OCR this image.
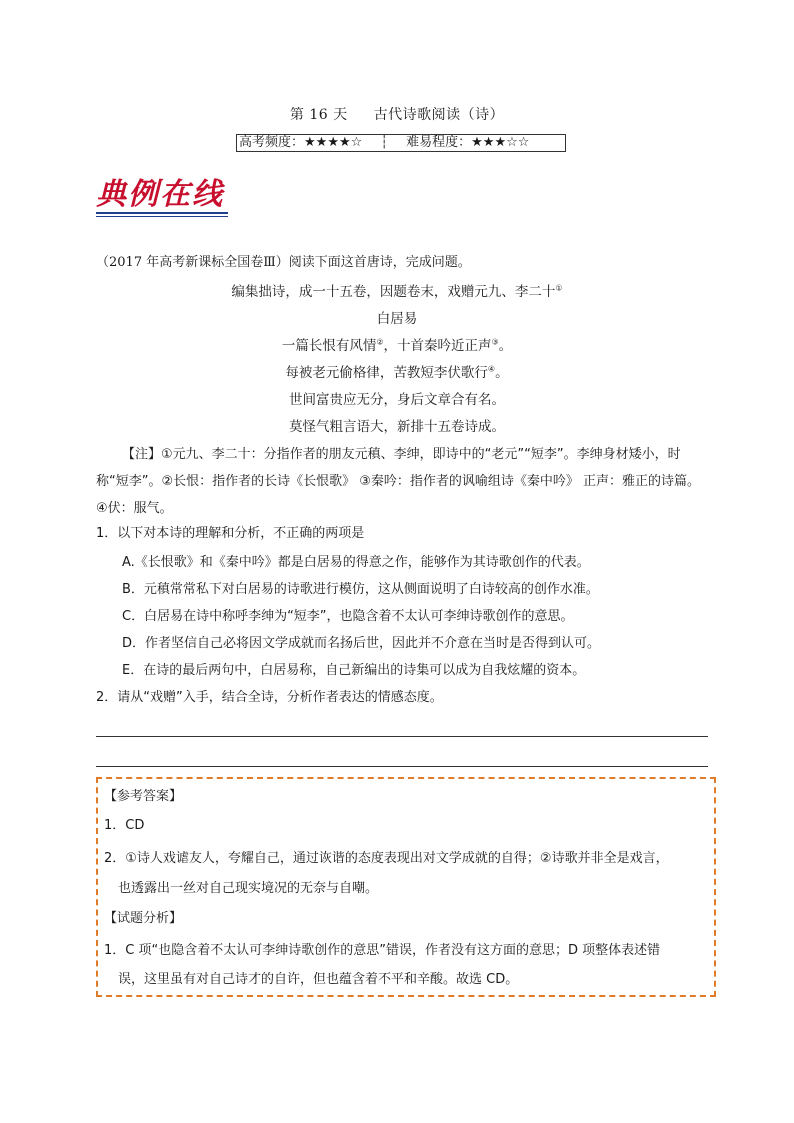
第 16 天 古代诗歌阅读（诗）
高考频度： ★★★★☆ ┆ 难易程度： ★★★☆☆
典例在线
（2017 年高考新课标全国卷Ⅲ）阅读下面这首唐诗，完成问题。
编集拙诗，成一十五卷，因题卷末，戏赠元九、李二十①
白居易
一篇长恨有风情②，十首秦吟近正声③。
每被老元偷格律，苦教短李伏歌行④。
世间富贵应无分，身后文章合有名。
莫怪气粗言语大，新排十五卷诗成。
【注】①元九、李二十：分指作者的朋友元稹、李绅，即诗中的“老元”“短李”。李绅身材矮小，时称“短李”。②长恨：指作者的长诗《长恨歌》 ③秦吟：指作者的讽喻组诗《秦中吟》 正声：雅正的诗篇。④伏：服气。
1．以下对本诗的理解和分析，不正确的两项是
A.《长恨歌》和《秦中吟》都是白居易的得意之作，能够作为其诗歌创作的代表。
B．元稹常常私下对白居易的诗歌进行模仿，这从侧面说明了白诗较高的创作水准。
C．白居易在诗中称呼李绅为“短李”，也隐含着不太认可李绅诗歌创作的意思。
D．作者坚信自己必将因文学成就而名扬后世，因此并不介意在当时是否得到认可。
E．在诗的最后两句中，白居易称，自己新编出的诗集可以成为自我炫耀的资本。
2．请从“戏赠”入手，结合全诗，分析作者表达的情感态度。
【参考答案】
1．CD
2．①诗人戏谑友人，夸耀自己，通过诙谐的态度表现出对文学成就的自得；②诗歌并非全是戏言，
也透露出一丝对自己现实境况的无奈与自嘲。
【试题分析】
1．C 项“也隐含着不太认可李绅诗歌创作的意思”错误，作者没有这方面的意思；D 项整体表述错
误，这里虽有对自己诗才的自许，但也蕴含着不平和辛酸。故选 CD。
